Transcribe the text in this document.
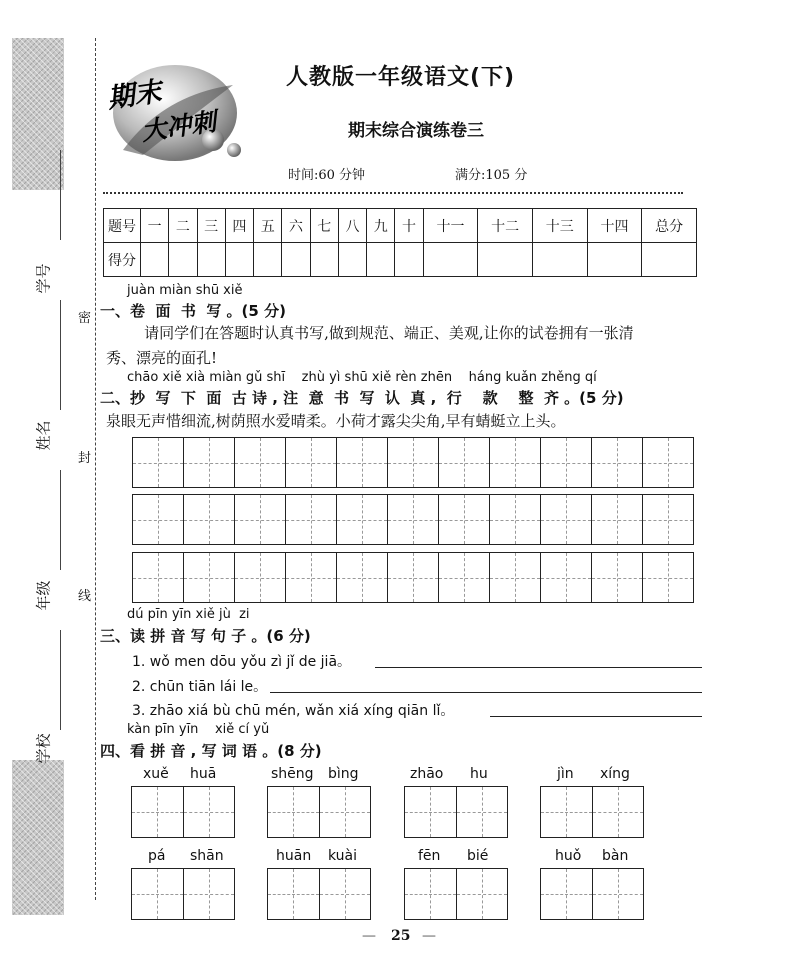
学号
姓名
年级
学校
密
封
线
期末
大冲刺
人教版一年级语文(下)
期末综合演练卷三
时间:60 分钟	满分:105 分
题号	一	二	三	四	五	六	七	八	九	十	十一	十二	十三	十四	总分
得分															
juàn miàn shū xiě
一、卷  面  书  写 。(5 分)
请同学们在答题时认真书写,做到规范、端正、美观,让你的试卷拥有一张清
秀、漂亮的面孔!
chāo xiě xià miàn gǔ shī    zhù yì shū xiě rèn zhēn    háng kuǎn zhěng qí
二、抄  写  下  面  古 诗 , 注  意  书  写  认  真 ,  行    款    整  齐 。(5 分)
泉眼无声惜细流,树荫照水爱晴柔。小荷才露尖尖角,早有蜻蜓立上头。
dú pīn yīn xiě jù  zi
三、读 拼 音 写 句 子 。(6 分)
1. wǒ men dōu yǒu zì jǐ de jiā。
2. chūn tiān lái le。
3. zhāo xiá bù chū mén, wǎn xiá xíng qiān lǐ。
kàn pīn yīn    xiě cí yǔ
四、看 拼 音 , 写 词 语 。(8 分)
xuě huā	shēng bìng	zhāo hu	jìn xíng
pá shān	huān kuài	fēn bié	huǒ bàn
— 25 —
